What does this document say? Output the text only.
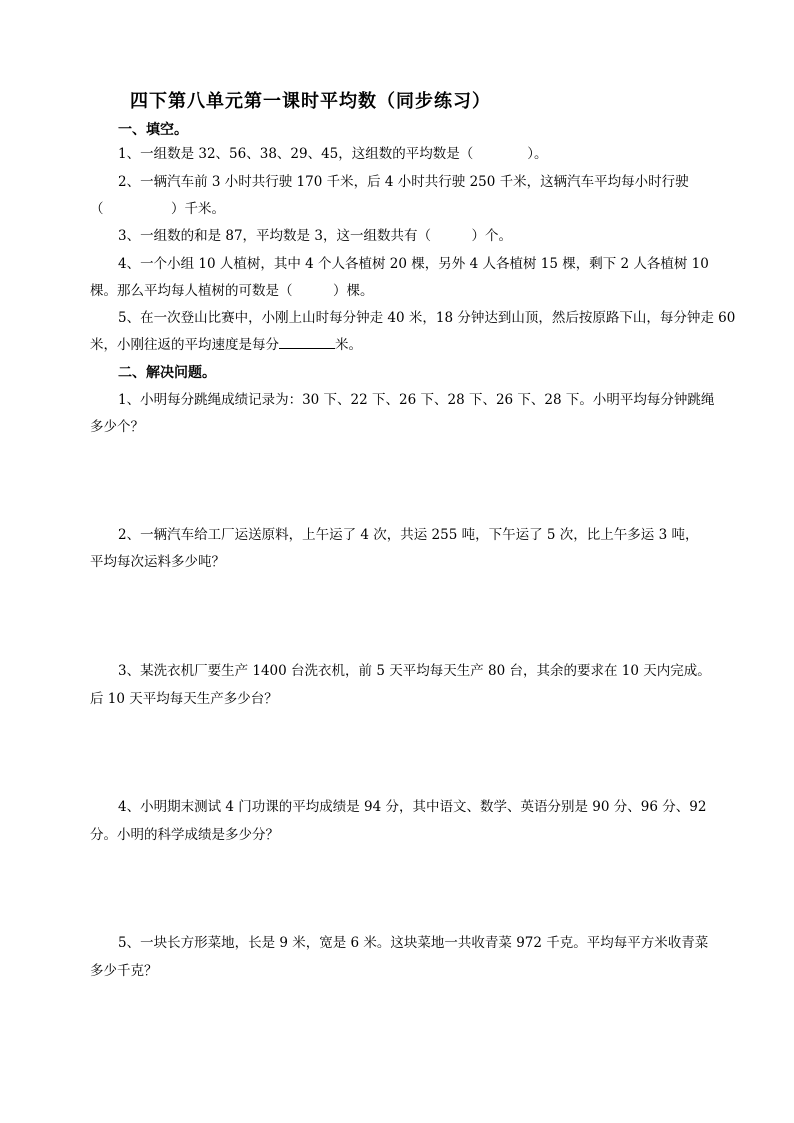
四下第八单元第一课时平均数（同步练习）
一、填空。
1、一组数是 32、56、38、29、45，这组数的平均数是（　　　　）。
2、一辆汽车前 3 小时共行驶 170 千米，后 4 小时共行驶 250 千米，这辆汽车平均每小时行驶
（　　　　　）千米。
3、一组数的和是 87，平均数是 3，这一组数共有（　　　）个。
4、一个小组 10 人植树，其中 4 个人各植树 20 棵，另外 4 人各植树 15 棵，剩下 2 人各植树 10
棵。那么平均每人植树的可数是（　　　）棵。
5、在一次登山比赛中，小刚上山时每分钟走 40 米，18 分钟达到山顶，然后按原路下山，每分钟走 60
米，小刚往返的平均速度是每分	米。
二、解决问题。
1、小明每分跳绳成绩记录为：30 下、22 下、26 下、28 下、26 下、28 下。小明平均每分钟跳绳
多少个？
2、一辆汽车给工厂运送原料，上午运了 4 次，共运 255 吨，下午运了 5 次，比上午多运 3 吨，
平均每次运料多少吨？
3、某洗衣机厂要生产 1400 台洗衣机，前 5 天平均每天生产 80 台，其余的要求在 10 天内完成。
后 10 天平均每天生产多少台？
4、小明期末测试 4 门功课的平均成绩是 94 分，其中语文、数学、英语分别是 90 分、96 分、92
分。小明的科学成绩是多少分？
5、一块长方形菜地，长是 9 米，宽是 6 米。这块菜地一共收青菜 972 千克。平均每平方米收青菜
多少千克？
